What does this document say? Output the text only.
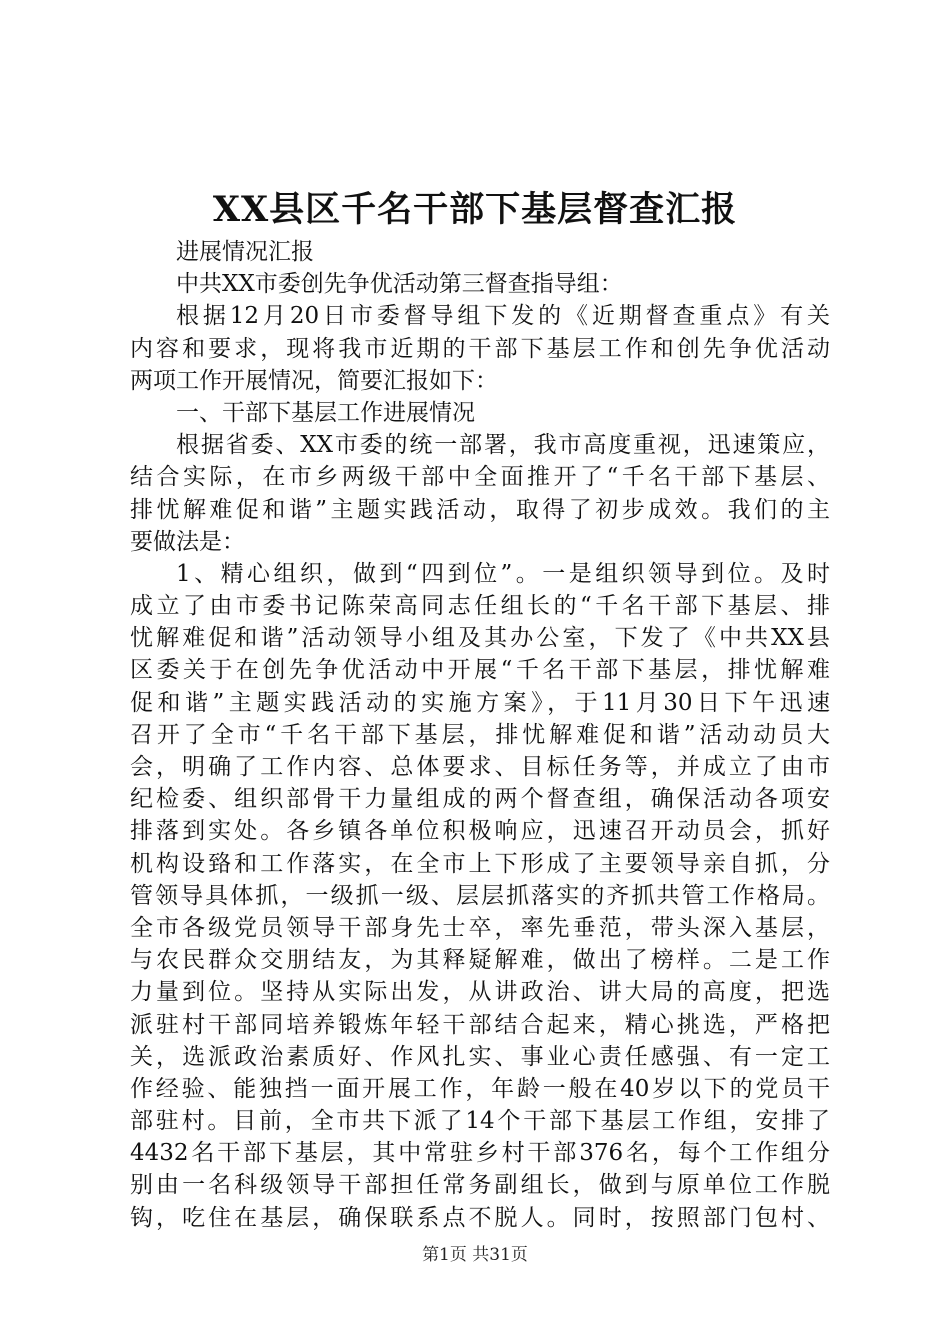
XX县区千名干部下基层督查汇报
进展情况汇报
中共XX市委创先争优活动第三督查指导组：
根据12月20日市委督导组下发的《近期督查重点》有关
内容和要求，现将我市近期的干部下基层工作和创先争优活动
两项工作开展情况，简要汇报如下：
一、干部下基层工作进展情况
根据省委、XX市委的统一部署，我市高度重视，迅速策应，
结合实际，在市乡两级干部中全面推开了“千名干部下基层、
排忧解难促和谐”主题实践活动，取得了初步成效。我们的主
要做法是：
1、精心组织，做到“四到位”。一是组织领导到位。及时
成立了由市委书记陈荣高同志任组长的“千名干部下基层、排
忧解难促和谐”活动领导小组及其办公室，下发了《中共XX县
区委关于在创先争优活动中开展“千名干部下基层，排忧解难
促和谐”主题实践活动的实施方案》，于11月30日下午迅速
召开了全市“千名干部下基层，排忧解难促和谐”活动动员大
会，明确了工作内容、总体要求、目标任务等，并成立了由市
纪检委、组织部骨干力量组成的两个督查组，确保活动各项安
排落到实处。各乡镇各单位积极响应，迅速召开动员会，抓好
机构设臵和工作落实，在全市上下形成了主要领导亲自抓，分
管领导具体抓，一级抓一级、层层抓落实的齐抓共管工作格局。
全市各级党员领导干部身先士卒，率先垂范，带头深入基层，
与农民群众交朋结友，为其释疑解难，做出了榜样。二是工作
力量到位。坚持从实际出发，从讲政治、讲大局的高度，把选
派驻村干部同培养锻炼年轻干部结合起来，精心挑选，严格把
关，选派政治素质好、作风扎实、事业心责任感强、有一定工
作经验、能独挡一面开展工作，年龄一般在40岁以下的党员干
部驻村。目前，全市共下派了14个干部下基层工作组，安排了
4432名干部下基层，其中常驻乡村干部376名，每个工作组分
别由一名科级领导干部担任常务副组长，做到与原单位工作脱
钩，吃住在基层，确保联系点不脱人。同时，按照部门包村、
第1页 共31页
